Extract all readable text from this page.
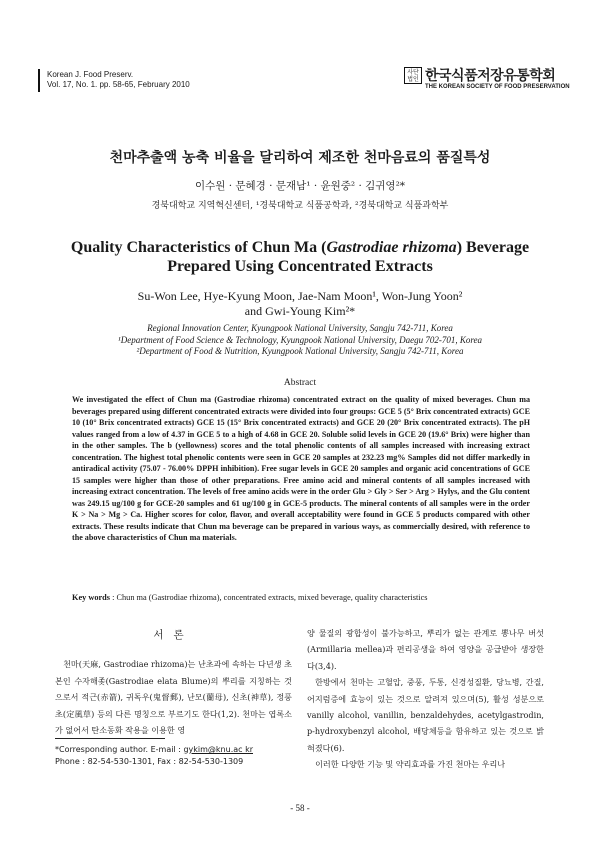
Korean J. Food Preserv.
Vol. 17, No. 1. pp. 58-65, February 2010
사단 법인 한국식품저장유통학회
THE KOREAN SOCIETY OF FOOD PRESERVATION
천마추출액 농축 비율을 달리하여 제조한 천마음료의 품질특성
이수원 · 문혜경 · 문재남¹ · 윤원중² · 김귀영²*
경북대학교 지역혁신센터, ¹경북대학교 식품공학과, ²경북대학교 식품과학부
Quality Characteristics of Chun Ma (Gastrodiae rhizoma) Beverage
Prepared Using Concentrated Extracts
Su-Won Lee, Hye-Kyung Moon, Jae-Nam Moon¹, Won-Jung Yoon²
and Gwi-Young Kim²*
Regional Innovation Center, Kyungpook National University, Sangju 742-711, Korea
¹Department of Food Science & Technology, Kyungpook National University, Daegu 702-701, Korea
²Department of Food & Nutrition, Kyungpook National University, Sangju 742-711, Korea
Abstract

We investigated the effect of Chun ma (Gastrodiae rhizoma) concentrated extract on the quality of mixed beverages. Chun ma beverages prepared using different concentrated extracts were divided into four groups: GCE 5 (5° Brix concentrated extracts) GCE 10 (10° Brix concentrated extracts) GCE 15 (15° Brix concentrated extracts) and GCE 20 (20° Brix concentrated extracts). The pH values ranged from a low of 4.37 in GCE 5 to a high of 4.68 in GCE 20. Soluble solid levels in GCE 20 (19.6° Brix) were higher than in the other samples. The b (yellowness) scores and the total phenolic contents of all samples increased with increasing extract concentration. The highest total phenolic contents were seen in GCE 20 samples at 232.23 mg% Samples did not differ markedly in antiradical activity (75.07 - 76.00% DPPH inhibition). Free sugar levels in GCE 20 samples and organic acid concentrations of GCE 15 samples were higher than those of other preparations. Free amino acid and mineral contents of all samples increased with increasing extract concentration. The levels of free amino acids were in the order Glu > Gly > Ser > Arg > Hylys, and the Glu content was 249.15 ug/100 g for GCE-20 samples and 61 ug/100 g in GCE-5 products. The mineral contents of all samples were in the order K > Na > Mg > Ca. Higher scores for color, flavor, and overall acceptability were found in GCE 5 products compared with other extracts. These results indicate that Chun ma beverage can be prepared in various ways, as commercially desired, with reference to the above characteristics of Chun ma materials.

Key words : Chun ma (Gastrodiae rhizoma), concentrated extracts, mixed beverage, quality characteristics
서론

천마(天麻, Gastrodiae rhizoma)는 난초과에 속하는 다년생 초본인 수자해좇(Gastrodiae elata Blume)의 뿌리를 지칭하는 것으로서 적근(赤箭), 귀독우(鬼督郵), 난모(蘭母), 신초(神草), 정풍초(定風草) 등의 다른 명칭으로 부르기도 한다(1,2). 천마는 엽록소가 없어서 탄소동화 작용을 이용한 영

양 물질의 광합성이 불가능하고, 뿌리가 없는 관계로 뽕나무 버섯(Armillaria mellea)과 편리공생을 하여 영양을 공급받아 생장한다(3,4).

한방에서 천마는 고혈압, 중풍, 두통, 신경성질환, 당뇨병, 간질, 어지럼증에 효능이 있는 것으로 알려져 있으며(5), 활성 성분으로 vanilly alcohol, vanillin, benzaldehydes, acetylgastrodin, p-hydroxybenzyl alcohol, 배당체등을 함유하고 있는 것으로 밝혀졌다(6).

이러한 다양한 기능 및 약리효과를 가진 천마는 우리나

*Corresponding author. E-mail : gykim@knu.ac kr
Phone : 82-54-530-1301, Fax : 82-54-530-1309
- 58 -
